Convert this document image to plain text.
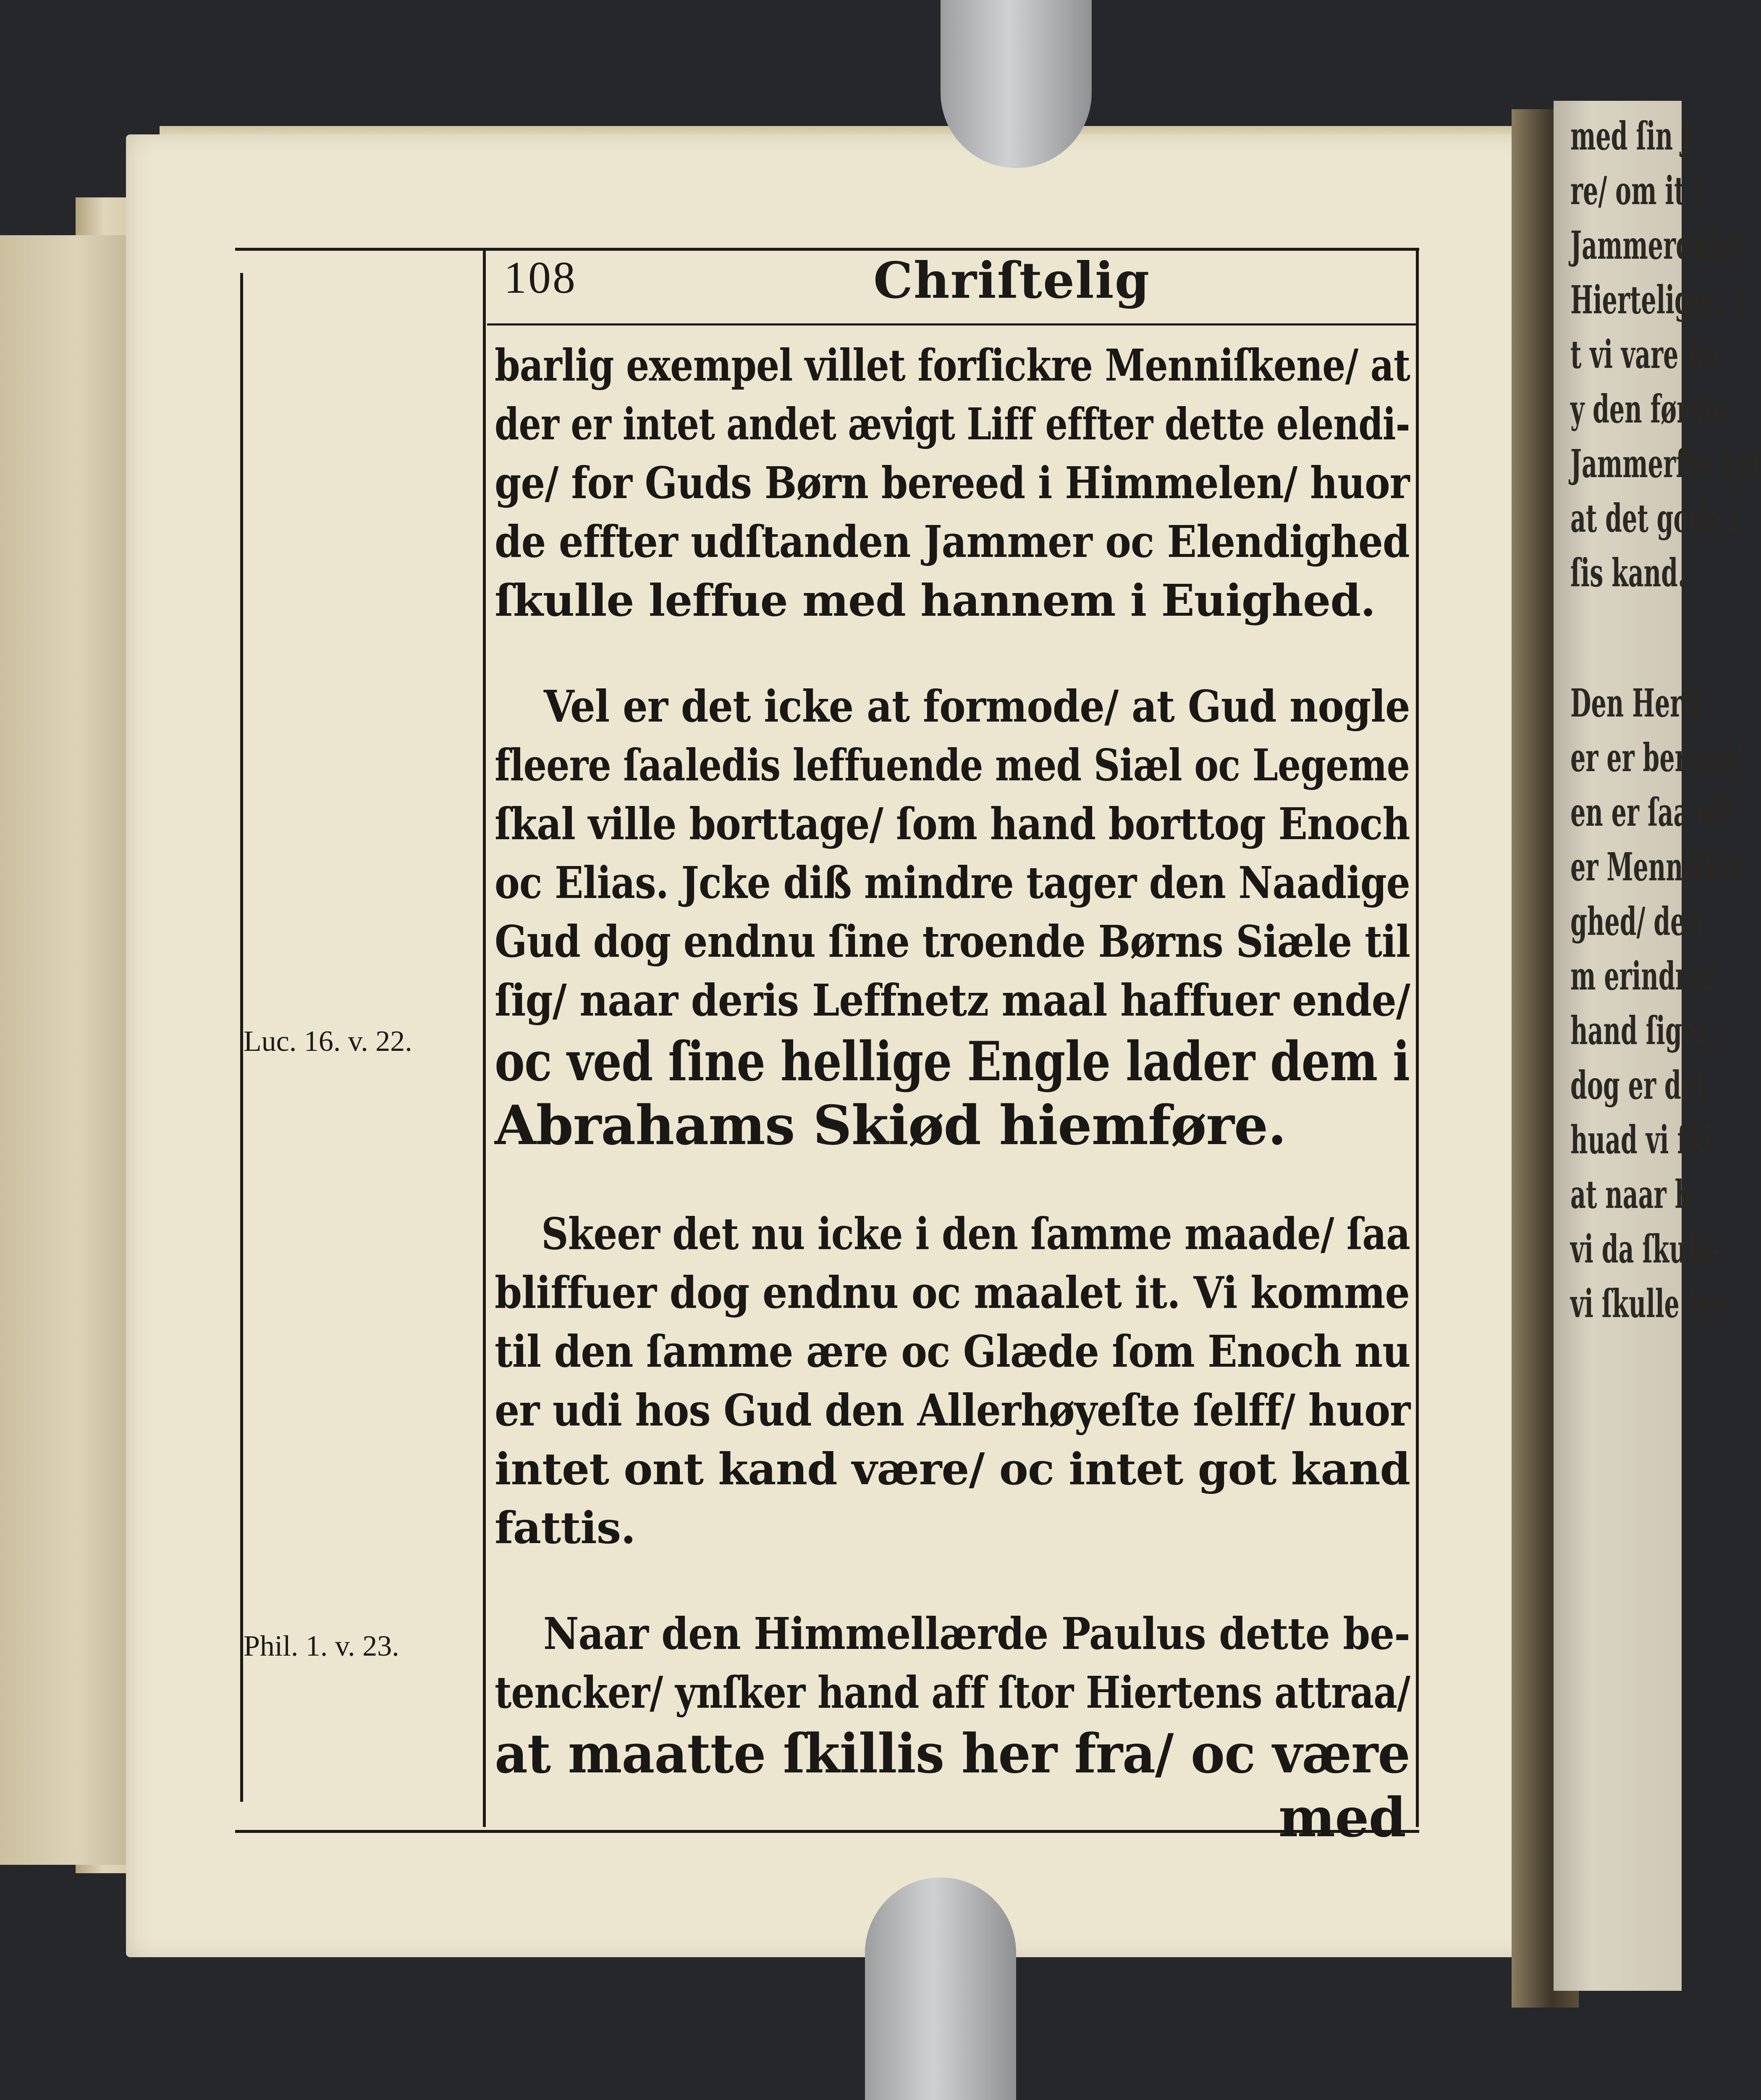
med ſin J
re/ om it ſ
Jammerdaler
Hierteligen y
t vi vare be
y den første
Jammerſte Lyſ
at det gode i
ſis kand.
Den Herli
er er bereed/
en er ſaa off
er Menniſkis
ghed/ den
m erindrer
hand ſiger;
dog er det
huad vi ſki
at naar h
vi da ſkulle
vi ſkulle ſee
108	Chriſtelig
Luc. 16. v. 22.
Phil. 1. v. 23.
barlig exempel villet forſickre Menniſkene/ at
der er intet andet ævigt Liff effter dette elendi-
ge/ for Guds Børn bereed i Himmelen/ huor
de effter udſtanden Jammer oc Elendighed
ſkulle leffue med hannem i Euighed.
Vel er det icke at formode/ at Gud nogle
fleere ſaaledis leffuende med Siæl oc Legeme
ſkal ville borttage/ ſom hand borttog Enoch
oc Elias. Jcke diß mindre tager den Naadige
Gud dog endnu ſine troende Børns Siæle til
ſig/ naar deris Leffnetz maal haffuer ende/
oc ved ſine hellige Engle lader dem i
Abrahams Skiød hiemføre.
Skeer det nu icke i den ſamme maade/ ſaa
bliffuer dog endnu oc maalet it. Vi komme
til den ſamme ære oc Glæde ſom Enoch nu
er udi hos Gud den Allerhøyeſte ſelff/ huor
intet ont kand være/ oc intet got kand
fattis.
Naar den Himmellærde Paulus dette be-
tencker/ ynſker hand aff ſtor Hiertens attraa/
at maatte ſkillis her fra/ oc være
med
